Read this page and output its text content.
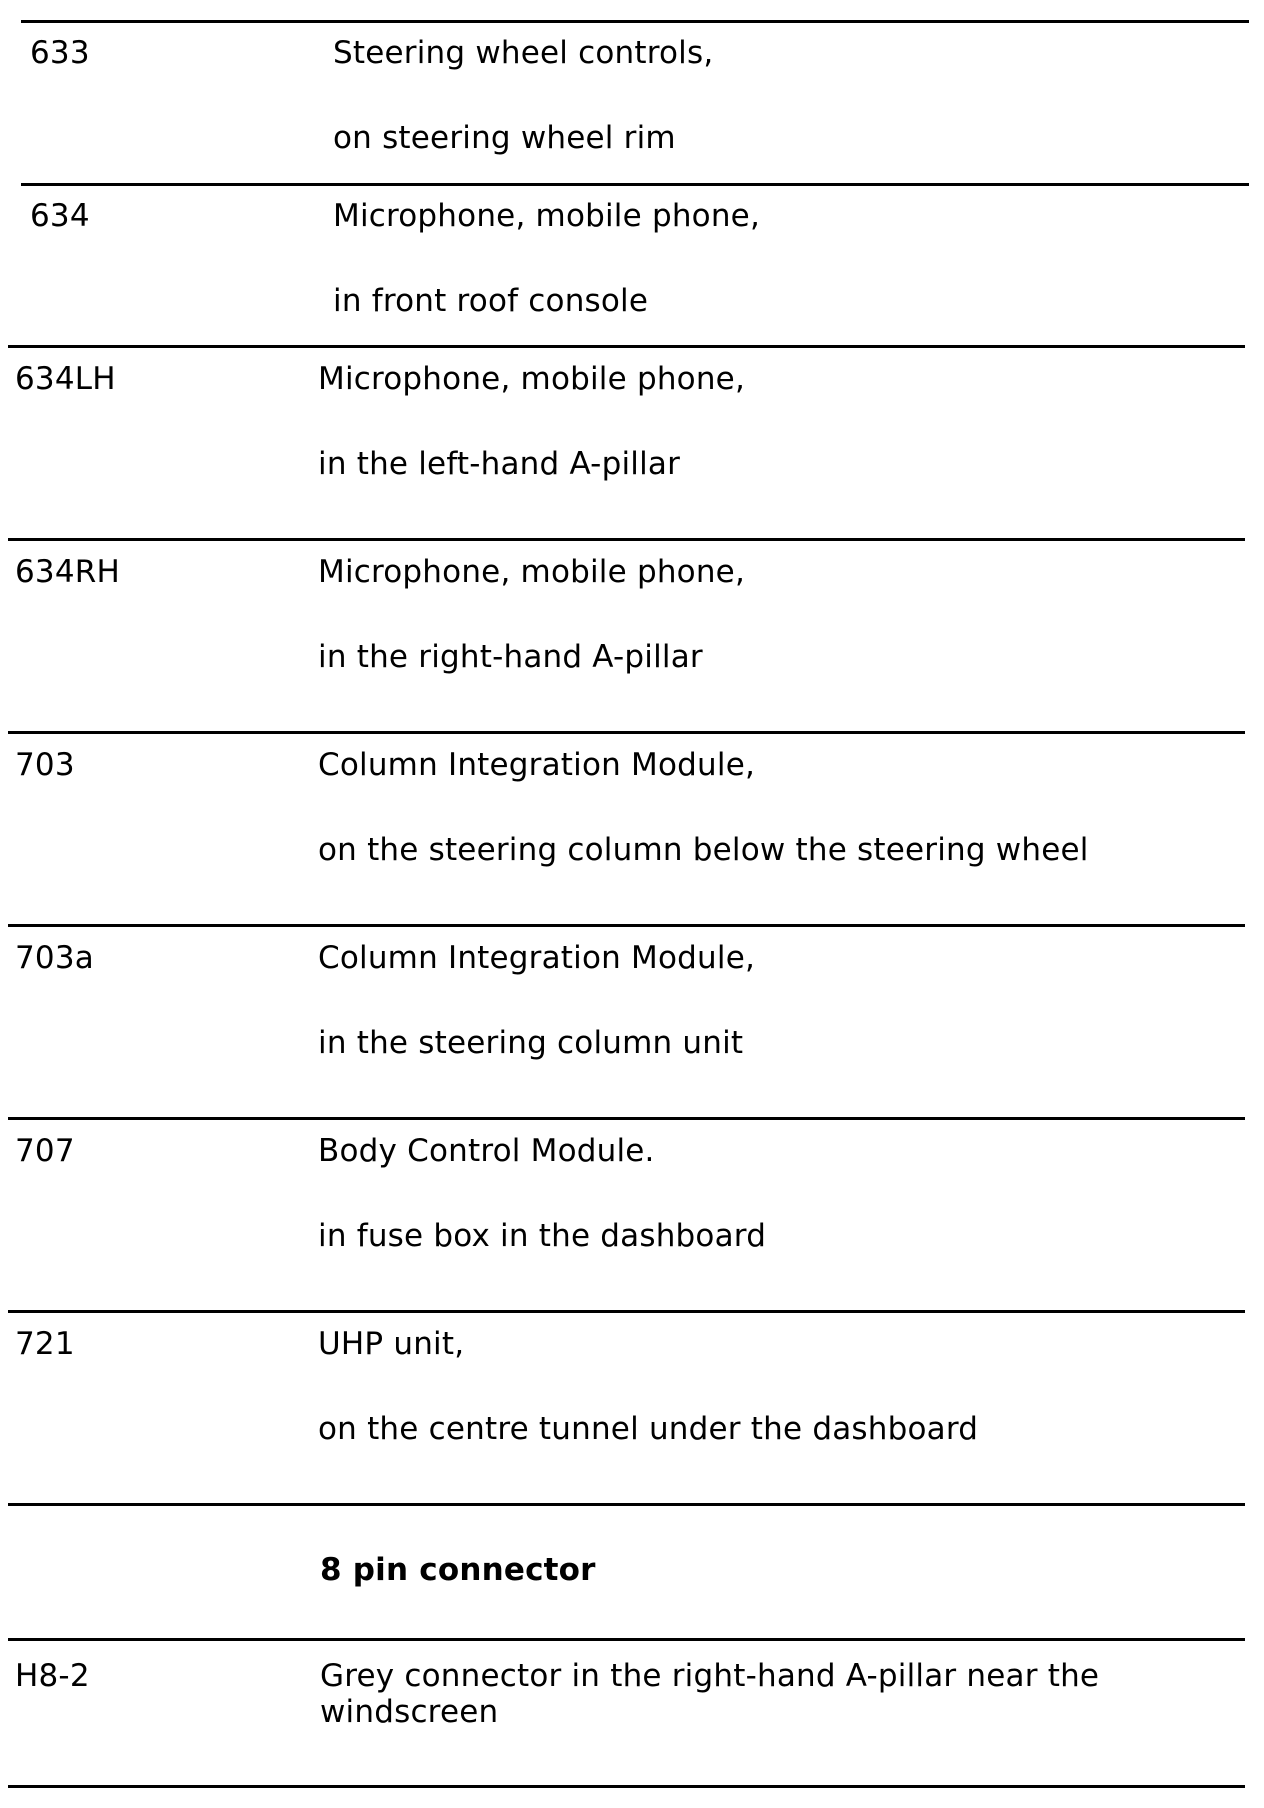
633	Steering wheel controls,
on steering wheel rim
634	Microphone, mobile phone,
in front roof console
634LH	Microphone, mobile phone,
in the left-hand A-pillar
634RH	Microphone, mobile phone,
in the right-hand A-pillar
703	Column Integration Module,
on the steering column below the steering wheel
703a	Column Integration Module,
in the steering column unit
707	Body Control Module.
in fuse box in the dashboard
721	UHP unit,
on the centre tunnel under the dashboard
8 pin connector
H8-2	Grey connector in the right-hand A-pillar near the windscreen
